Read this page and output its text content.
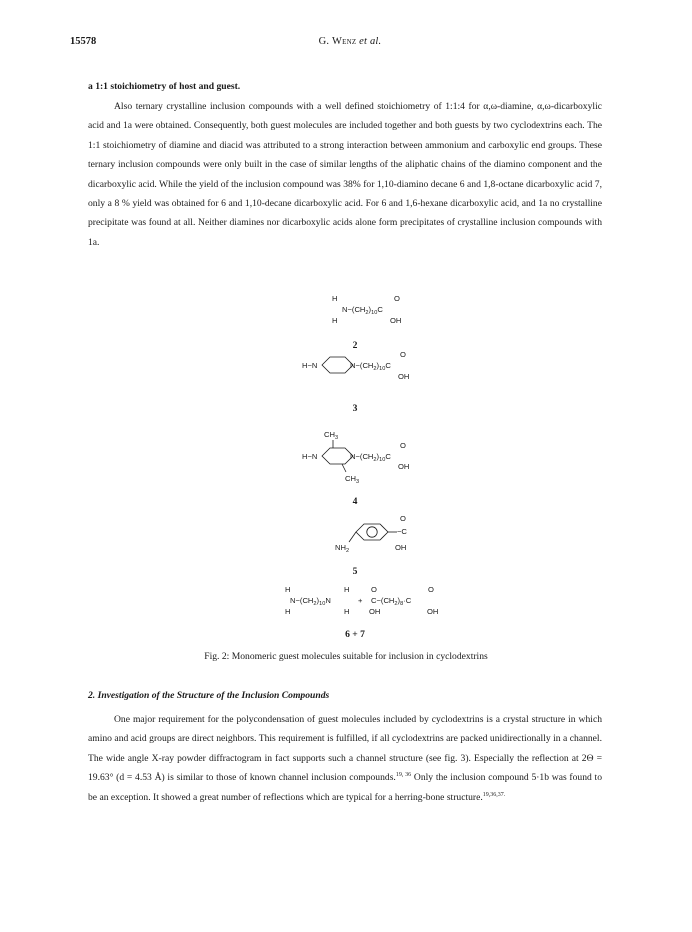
15578	G. Wenz et al.

a 1:1 stoichiometry of host and guest.

Also ternary crystalline inclusion compounds with a well defined stoichiometry of 1:1:4 for α,ω-diamine, α,ω-dicarboxylic acid and 1a were obtained. Consequently, both guest molecules are included together and both guests by two cyclodextrins each. The 1:1 stoichiometry of diamine and diacid was attributed to a strong interaction between ammonium and carboxylic end groups. These ternary inclusion compounds were only built in the case of similar lengths of the aliphatic chains of the diamino component and the dicarboxylic acid. While the yield of the inclusion compound was 38% for 1,10-diamino decane 6 and 1,8-octane dicarboxylic acid 7, only a 8 % yield was obtained for 6 and 1,10-decane dicarboxylic acid. For 6 and 1,6-hexane dicarboxylic acid, and 1a no crystalline precipitate was found at all. Neither diamines nor dicarboxylic acids alone form precipitates of crystalline inclusion compounds with 1a.

H	O
$N-(CH_2)_{10}C$
H	OH
2
O
H−N	$N-(CH_2)_{10}C$
OH
3
$CH_3$
O
H−N	$N-(CH_2)_{10}C$
OH
$CH_3$
4
O
−C
$NH_2$	OH
5
H	H	O	O
$N-(CH_2)_{10}N$	+ $C-(CH_2)_8\cdot C$
H	H	OH	OH
6 + 7
Fig. 2: Monomeric guest molecules suitable for inclusion in cyclodextrins
2. Investigation of the Structure of the Inclusion Compounds

One major requirement for the polycondensation of guest molecules included by cyclodextrins is a crystal structure in which amino and acid groups are direct neighbors. This requirement is fulfilled, if all cyclodextrins are packed unidirectionally in a channel. The wide angle X-ray powder diffractogram in fact supports such a channel structure (see fig. 3). Especially the reflection at 2Θ = 19.63° (d = 4.53 Å) is similar to those of known channel inclusion compounds.$^{19, 36}$ Only the inclusion compound 5·1b was found to be an exception. It showed a great number of reflections which are typical for a herring-bone structure.$^{19,36,37.}$
